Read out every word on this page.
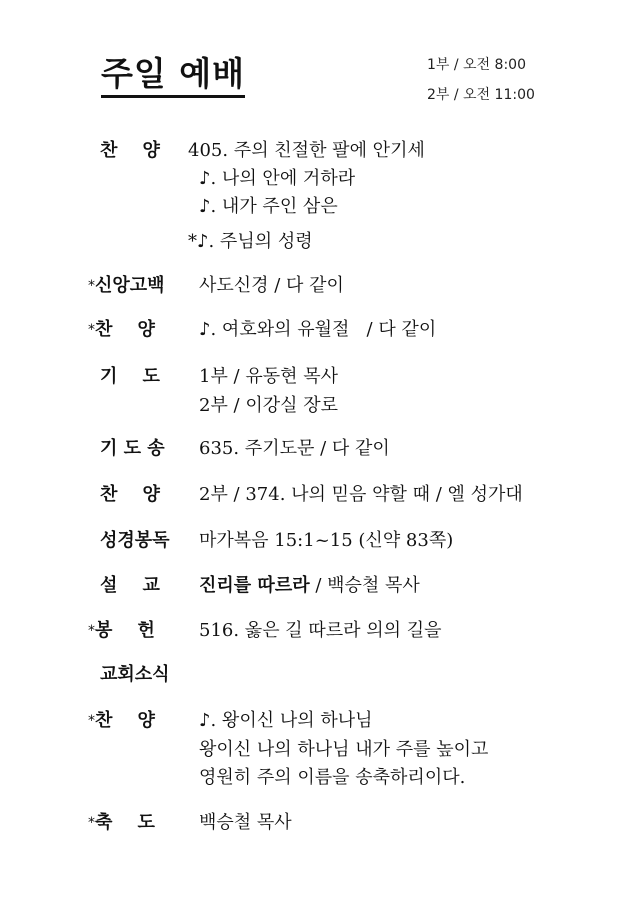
주일 예배	1부 / 오전 8:00
2부 / 오전 11:00
찬    양 405. 주의 친절한 팔에 안기세
♪. 나의 안에 거하라
♪. 내가 주인 삼은
*♪. 주님의 성령
*신앙고백 사도신경 / 다 같이
*찬    양 ♪. 여호와의 유월절   / 다 같이
기    도 1부 / 유동현 목사
2부 / 이강실 장로
기 도 송 635. 주기도문 / 다 같이
찬    양 2부 / 374. 나의 믿음 약할 때 / 엘 성가대
성경봉독 마가복음 15:1~15 (신약 83쪽)
설    교 진리를 따르라 / 백승철 목사
*봉    헌 516. 옳은 길 따르라 의의 길을
교회소식
*찬    양 ♪. 왕이신 나의 하나님
왕이신 나의 하나님 내가 주를 높이고
영원히 주의 이름을 송축하리이다.
*축    도 백승철 목사
